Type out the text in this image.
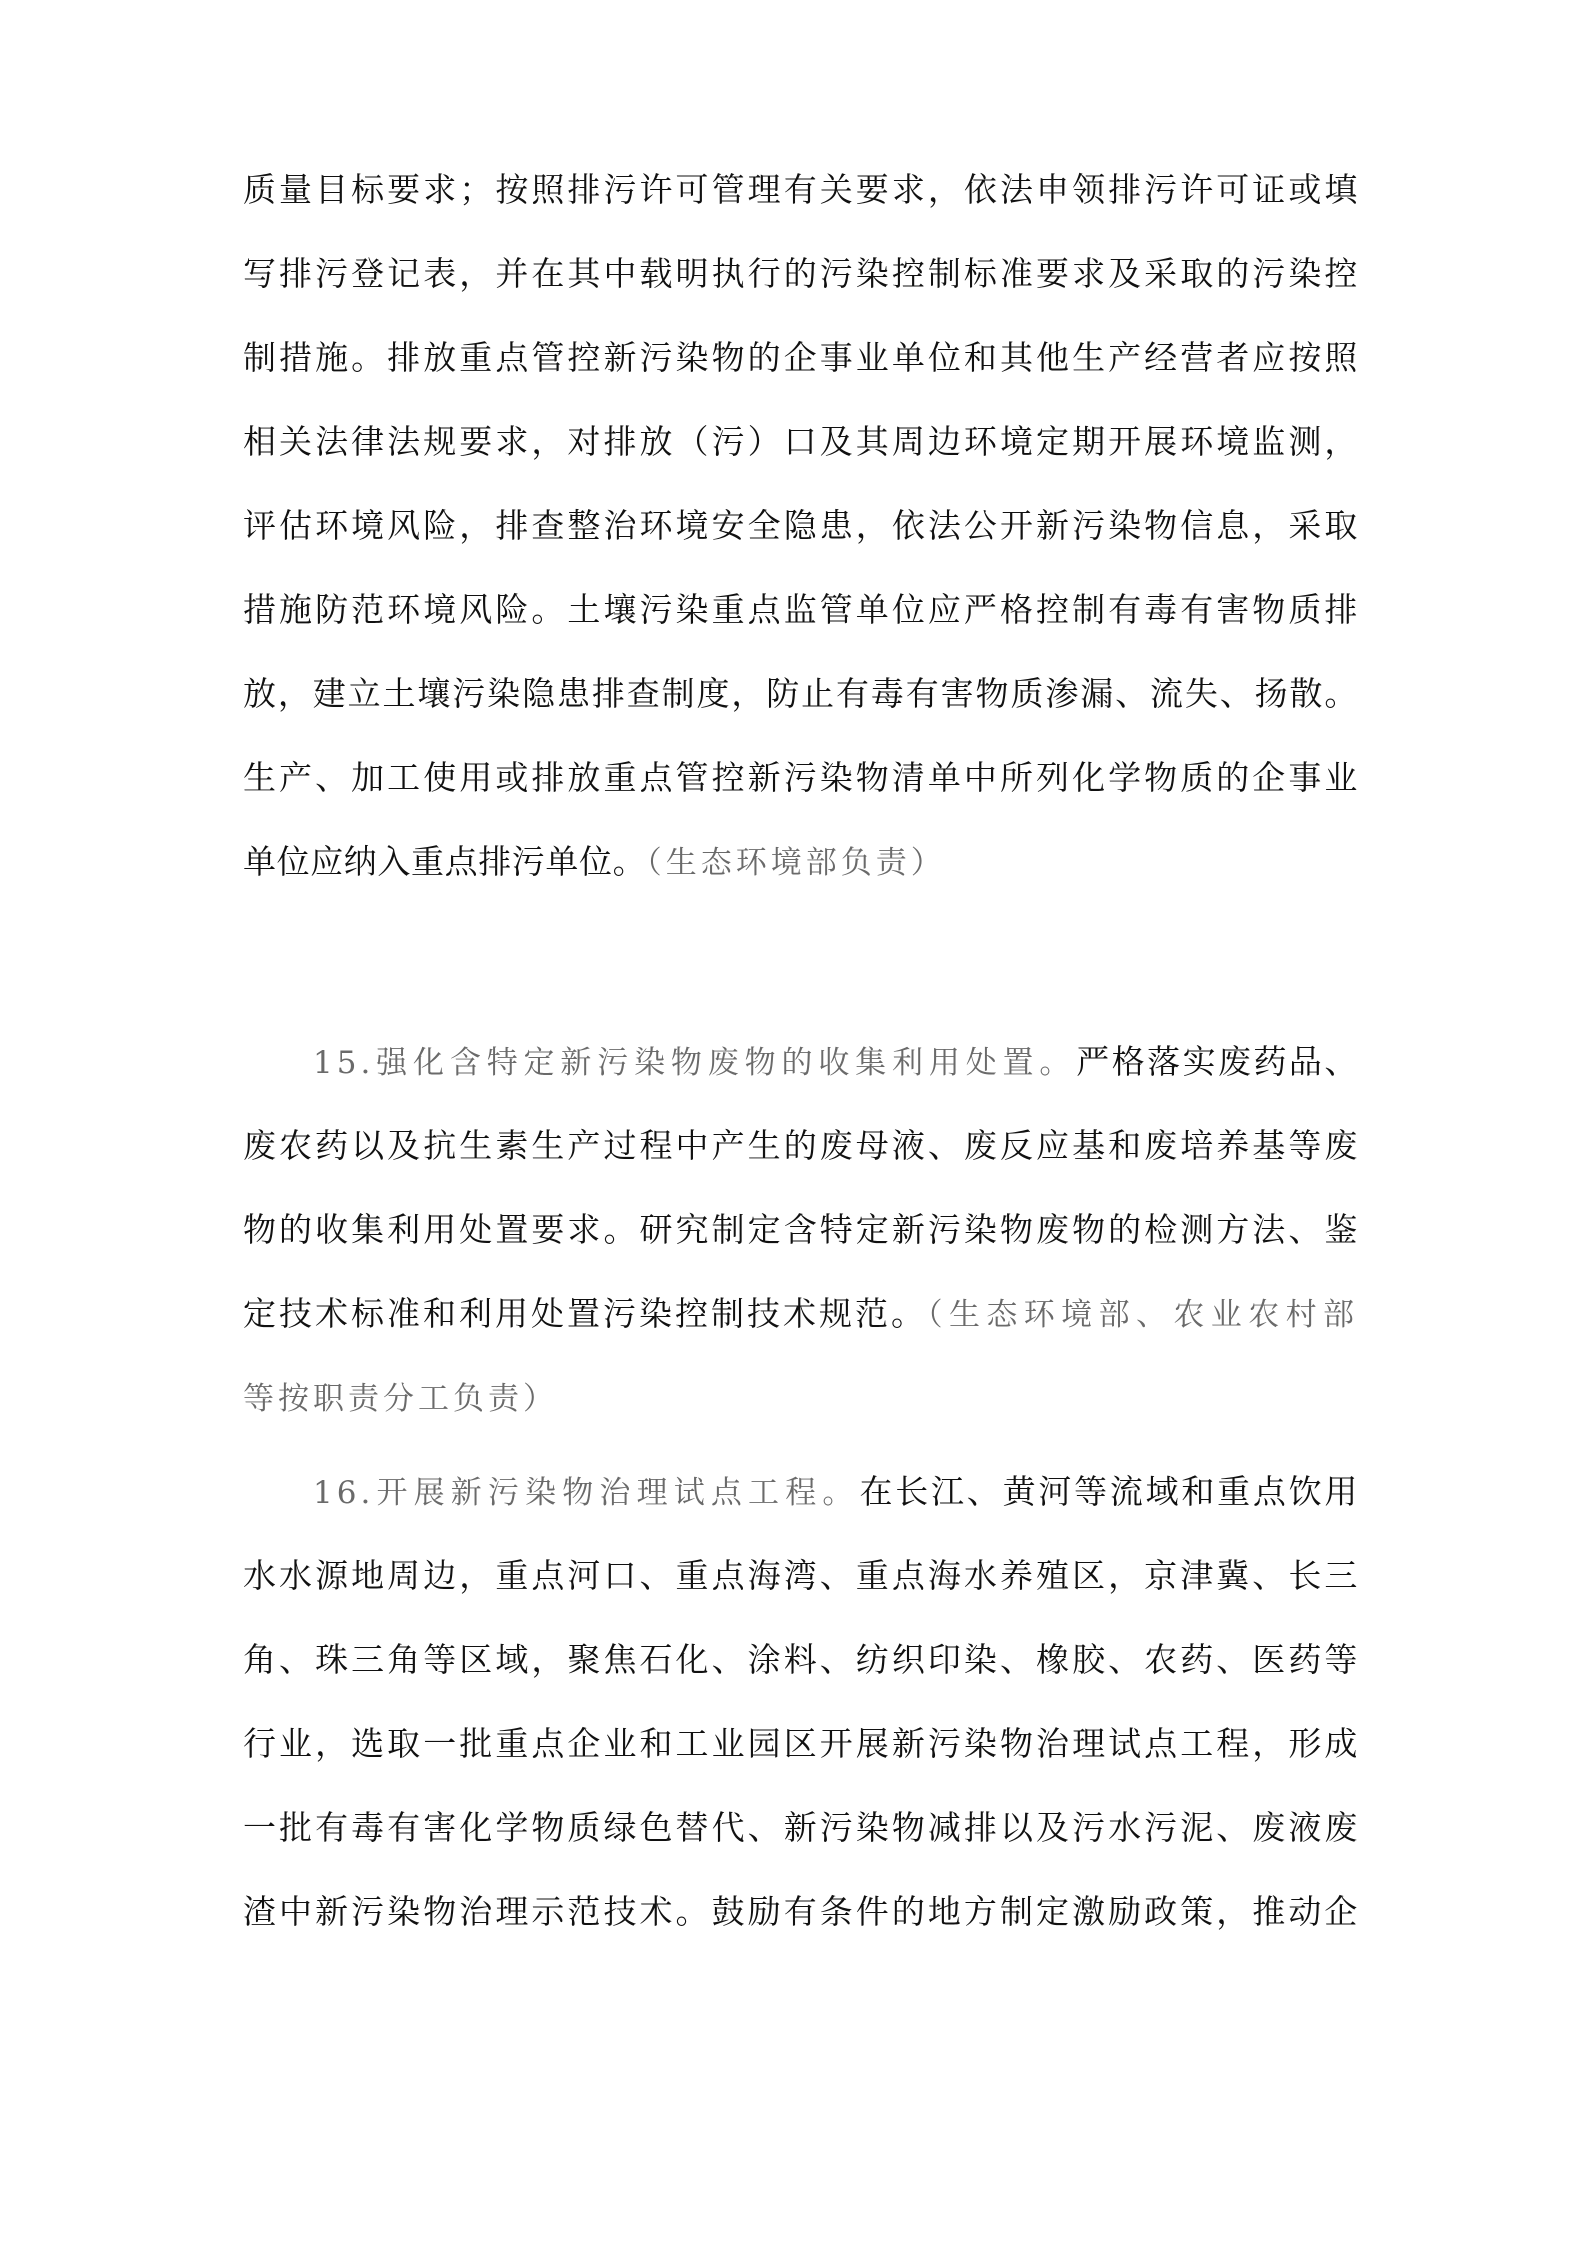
质量目标要求；按照排污许可管理有关要求，依法申领排污许可证或填
写排污登记表，并在其中载明执行的污染控制标准要求及采取的污染控
制措施。排放重点管控新污染物的企事业单位和其他生产经营者应按照
相关法律法规要求，对排放（污）口及其周边环境定期开展环境监测，
评估环境风险，排查整治环境安全隐患，依法公开新污染物信息，采取
措施防范环境风险。土壤污染重点监管单位应严格控制有毒有害物质排
放，建立土壤污染隐患排查制度，防止有毒有害物质渗漏、流失、扬散。
生产、加工使用或排放重点管控新污染物清单中所列化学物质的企事业
单位应纳入重点排污单位。（生态环境部负责）
15.强化含特定新污染物废物的收集利用处置。严格落实废药品、
废农药以及抗生素生产过程中产生的废母液、废反应基和废培养基等废
物的收集利用处置要求。研究制定含特定新污染物废物的检测方法、鉴
定技术标准和利用处置污染控制技术规范。（生态环境部、农业农村部
等按职责分工负责）
16.开展新污染物治理试点工程。在长江、黄河等流域和重点饮用
水水源地周边，重点河口、重点海湾、重点海水养殖区，京津冀、长三
角、珠三角等区域，聚焦石化、涂料、纺织印染、橡胶、农药、医药等
行业，选取一批重点企业和工业园区开展新污染物治理试点工程，形成
一批有毒有害化学物质绿色替代、新污染物减排以及污水污泥、废液废
渣中新污染物治理示范技术。鼓励有条件的地方制定激励政策，推动企
